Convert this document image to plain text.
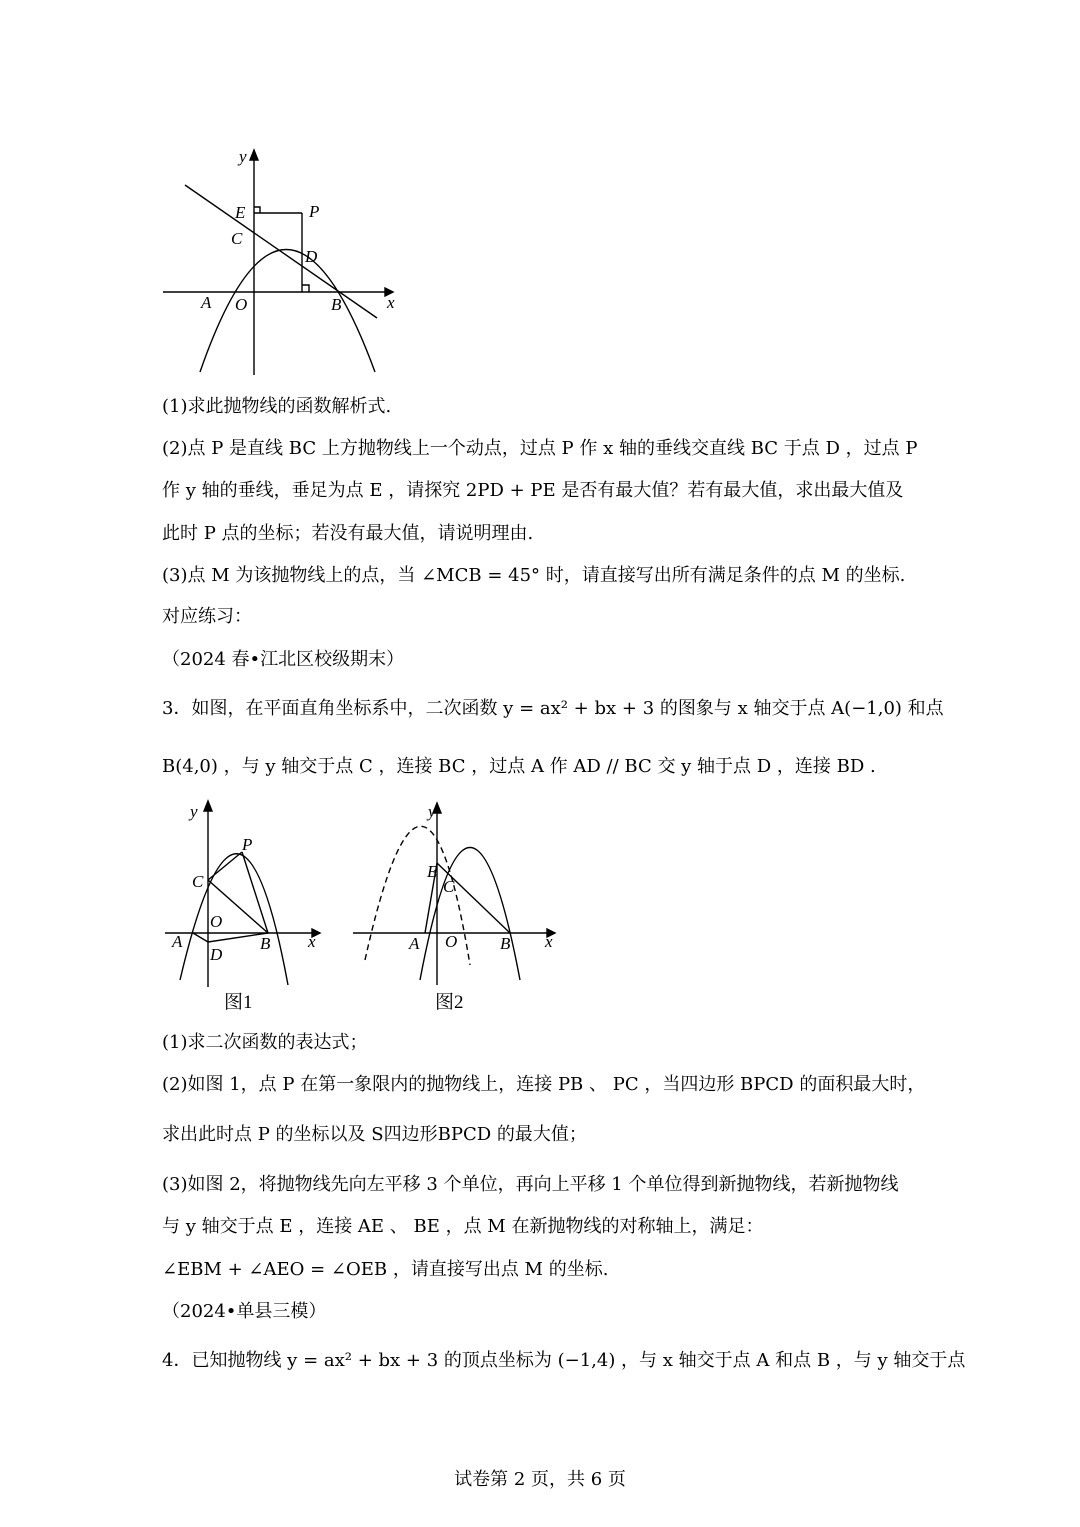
y
x
E	P
C
D
A O	B

(1)求此抛物线的函数解析式.

(2)点 P 是直线 BC 上方抛物线上一个动点，过点 P 作 x 轴的垂线交直线 BC 于点 D ，过点 P

作 y 轴的垂线，垂足为点 E ，请探究 2PD + PE 是否有最大值？若有最大值，求出最大值及

此时 P 点的坐标；若没有最大值，请说明理由.

(3)点 M 为该抛物线上的点，当 ∠MCB = 45° 时，请直接写出所有满足条件的点 M 的坐标.

对应练习：

（2024 春•江北区校级期末）

3．如图，在平面直角坐标系中，二次函数 y = ax² + bx + 3 的图象与 x 轴交于点 A(−1,0) 和点

B(4,0) ，与 y 轴交于点 C ，连接 BC ，过点 A 作 AD // BC 交 y 轴于点 D ，连接 BD .

y
P
C
O
A
D
B x
图1
y
E
C
A O	B x
图2

(1)求二次函数的表达式；

(2)如图 1，点 P 在第一象限内的抛物线上，连接 PB 、 PC ，当四边形 BPCD 的面积最大时，

求出此时点 P 的坐标以及 S四边形BPCD 的最大值；

(3)如图 2，将抛物线先向左平移 3 个单位，再向上平移 1 个单位得到新抛物线，若新抛物线

与 y 轴交于点 E ，连接 AE 、 BE ，点 M 在新抛物线的对称轴上，满足：

∠EBM + ∠AEO = ∠OEB ，请直接写出点 M 的坐标.

（2024•单县三模）

4．已知抛物线 y = ax² + bx + 3 的顶点坐标为 (−1,4) ，与 x 轴交于点 A 和点 B ，与 y 轴交于点

试卷第 2 页，共 6 页
